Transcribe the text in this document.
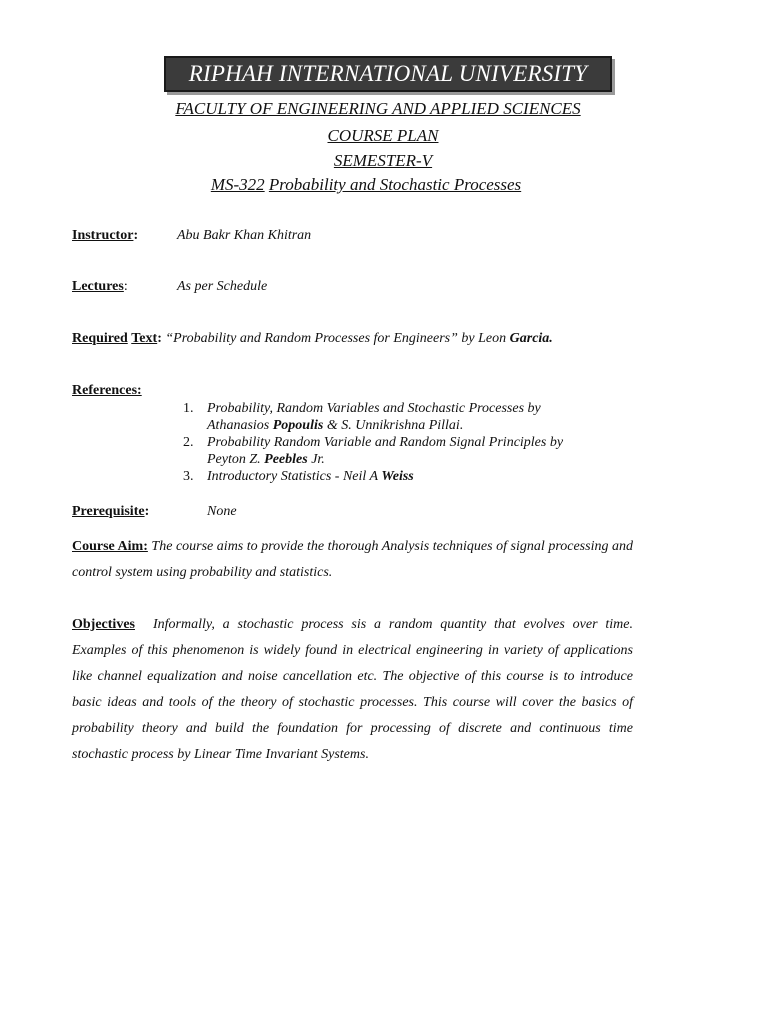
RIPHAH INTERNATIONAL UNIVERSITY
FACULTY OF ENGINEERING AND APPLIED SCIENCES
COURSE PLAN
SEMESTER-V
MS-322 Probability and Stochastic Processes
Instructor:	Abu Bakr Khan Khitran
Lectures:	As per Schedule
Required Text: “Probability and Random Processes for Engineers” by Leon Garcia.
References:
1. Probability, Random Variables and Stochastic Processes by
Athanasios Popoulis & S. Unnikrishna Pillai.
2. Probability Random Variable and Random Signal Principles by
Peyton Z. Peebles Jr.
3. Introductory Statistics - Neil A Weiss
Prerequisite:	None
Course Aim: The course aims to provide the thorough Analysis techniques of signal processing and control system using probability and statistics.
Objectives Informally, a stochastic process sis a random quantity that evolves over time. Examples of this phenomenon is widely found in electrical engineering in variety of applications like channel equalization and noise cancellation etc. The objective of this course is to introduce basic ideas and tools of the theory of stochastic processes. This course will cover the basics of probability theory and build the foundation for processing of discrete and continuous time stochastic process by Linear Time Invariant Systems.
